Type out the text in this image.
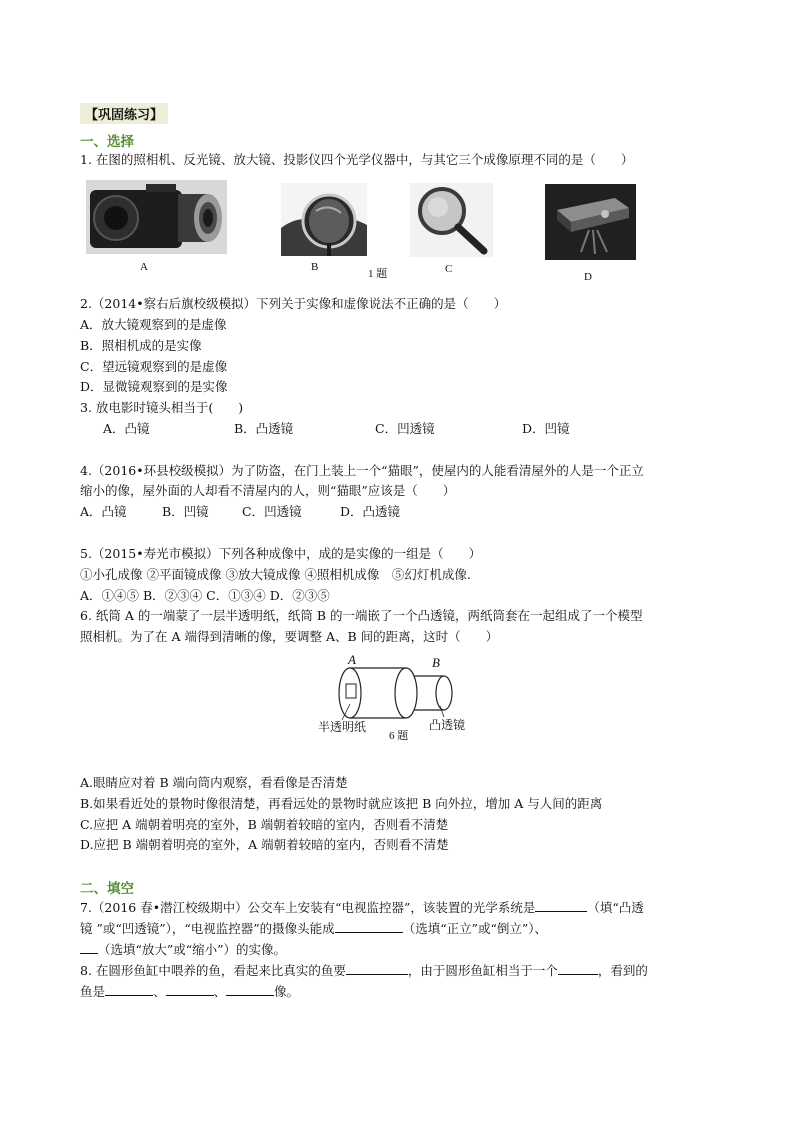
【巩固练习】
一、选择
1. 在图的照相机、反光镜、放大镜、投影仪四个光学仪器中，与其它三个成像原理不同的是（　　）
A	B
1 题	C
D
2.（2014•察右后旗校级模拟）下列关于实像和虚像说法不正确的是（　　）
A．放大镜观察到的是虚像
B．照相机成的是实像
C．望远镜观察到的是虚像
D．显微镜观察到的是实像
3. 放电影时镜头相当于(　　)
A．凸镜	B．凸透镜	C．凹透镜	D．凹镜
4.（2016•环县校级模拟）为了防盗，在门上装上一个“猫眼”，使屋内的人能看清屋外的人是一个正立
缩小的像，屋外面的人却看不清屋内的人，则“猫眼”应该是（　　）
A．凸镜	B．凹镜	C．凹透镜	D．凸透镜
5.（2015•寿光市模拟）下列各种成像中，成的是实像的一组是（　　）
①小孔成像 ②平面镜成像 ③放大镜成像 ④照相机成像　⑤幻灯机成像.
A．①④⑤ B．②③④ C．①③④ D．②③⑤
6. 纸筒 A 的一端蒙了一层半透明纸，纸筒 B 的一端嵌了一个凸透镜，两纸筒套在一起组成了一个模型
照相机。为了在 A 端得到清晰的像，要调整 A、B 间的距离，这时（　　）
A	B
半透明纸	凸透镜
6 题
A.眼睛应对着 B 端向筒内观察，看看像是否清楚
B.如果看近处的景物时像很清楚，再看远处的景物时就应该把 B 向外拉，增加 A 与人间的距离
C.应把 A 端朝着明亮的室外，B 端朝着较暗的室内，否则看不清楚
D.应把 B 端朝着明亮的室外，A 端朝着较暗的室内，否则看不清楚
二、填空
7.（2016 春•潜江校级期中）公交车上安装有“电视监控器”，该装置的光学系统是	（填“凸透
镜 ”或“凹透镜”），“电视监控器”的摄像头能成	（选填“正立”或“倒立”）、
（选填“放大”或“缩小”）的实像。
8. 在圆形鱼缸中喂养的鱼，看起来比真实的鱼要	，由于圆形鱼缸相当于一个	，看到的
鱼是	、	、	像。
